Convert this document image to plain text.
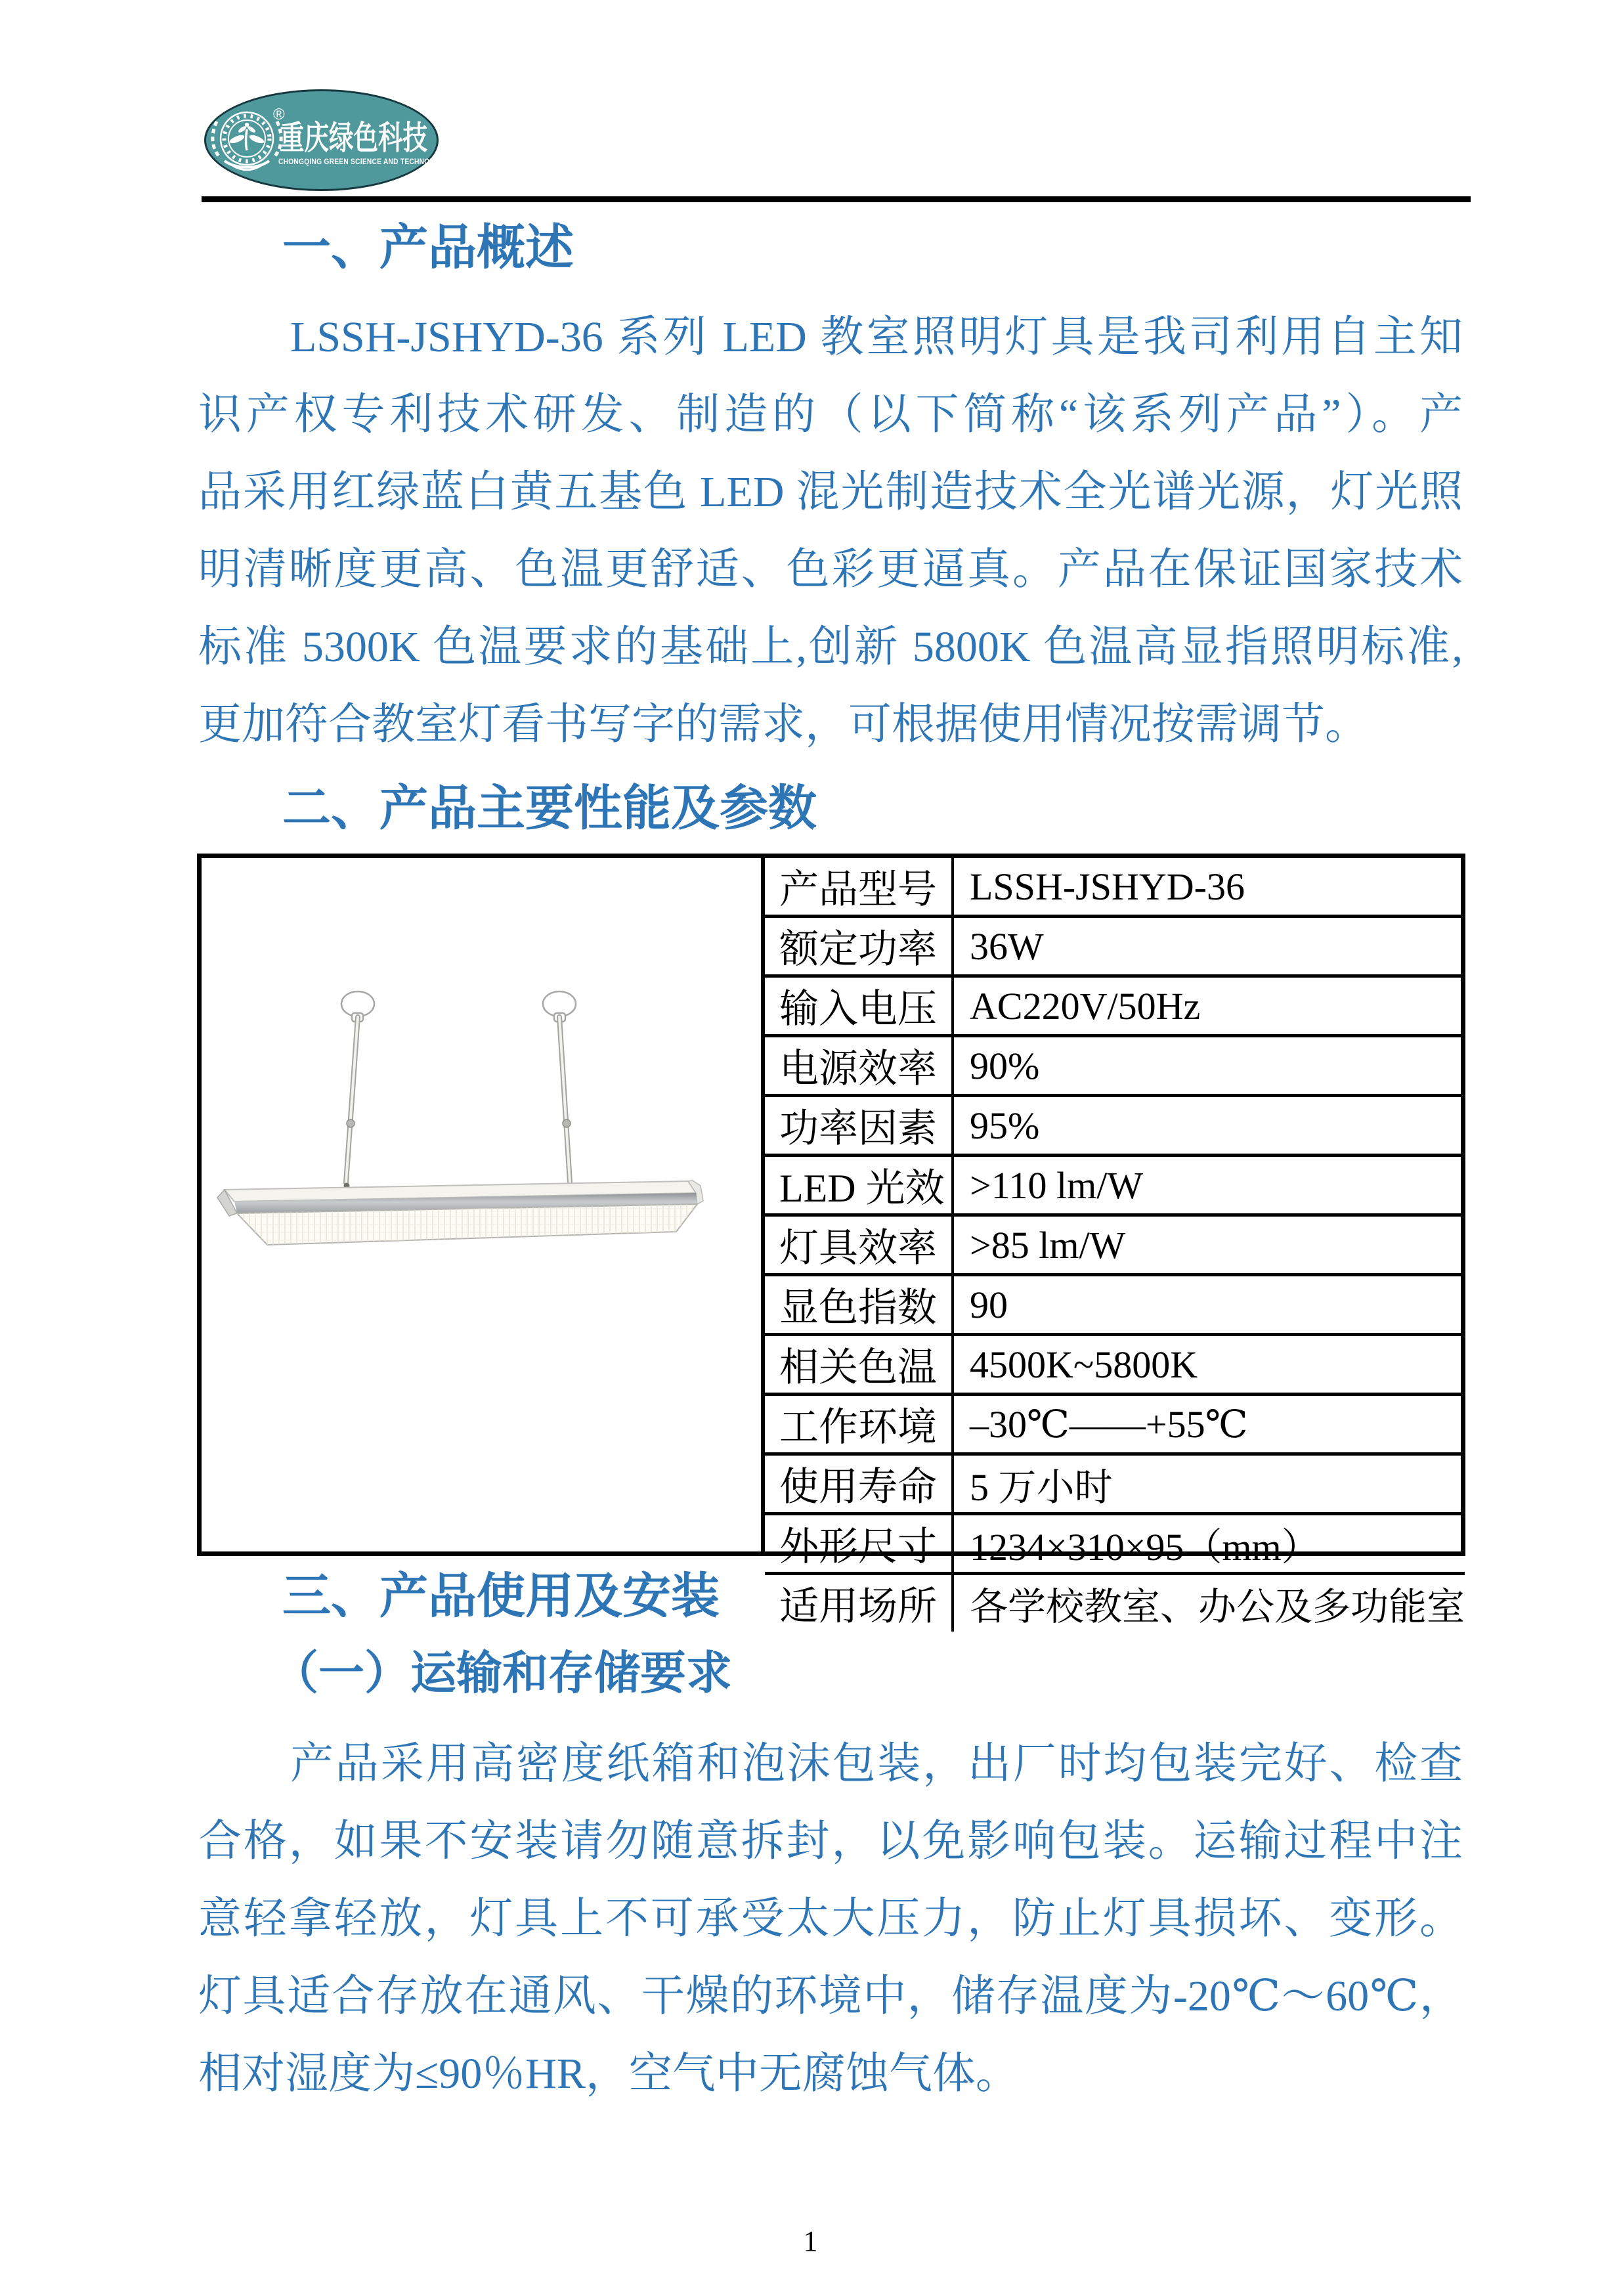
®
重庆绿色科技
CHONGQING GREEN SCIENCE AND TECHNOLOG
一、产品概述
LSSH-JSHYD-36 系列 LED 教室照明灯具是我司利用自主知
识产权专利技术研发、制造的（以下简称“该系列产品”）。产
品采用红绿蓝白黄五基色 LED 混光制造技术全光谱光源，灯光照
明清晰度更高、色温更舒适、色彩更逼真。产品在保证国家技术
标准 5300K 色温要求的基础上,创新 5800K 色温高显指照明标准,
更加符合教室灯看书写字的需求，可根据使用情况按需调节。
二、产品主要性能及参数
产品型号 LSSH-JSHYD-36
额定功率 36W
输入电压 AC220V/50Hz
电源效率 90%
功率因素 95%
LED 光效 >110 lm/W
灯具效率 >85 lm/W
显色指数 90
相关色温 4500K~5800K
工作环境 –30℃——+55℃
使用寿命 5 万小时
外形尺寸 1234×310×95（mm）
适用场所 各学校教室、办公及多功能室
三、产品使用及安装
（一）运输和存储要求
产品采用高密度纸箱和泡沫包装，出厂时均包装完好、检查
合格，如果不安装请勿随意拆封，以免影响包装。运输过程中注
意轻拿轻放，灯具上不可承受太大压力，防止灯具损坏、变形。
灯具适合存放在通风、干燥的环境中，储存温度为-20℃～60℃，
相对湿度为≤90％HR，空气中无腐蚀气体。
1
